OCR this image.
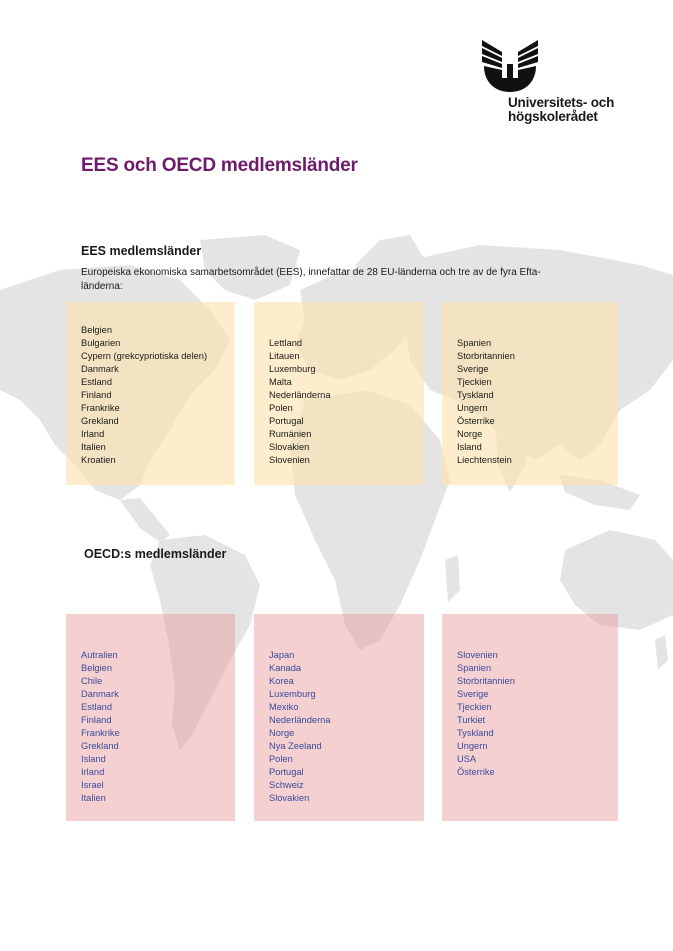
Universitets- och
högskolerådet
EES och OECD medlemsländer
EES medlemsländer

Europeiska ekonomiska samarbetsområdet (EES), innefattar de 28 EU-länderna och tre av de fyra Efta-länderna:

Belgien
Bulgarien
Cypern (grekcypriotiska delen)
Danmark
Estland
Finland
Frankrike
Grekland
Irland
Italien
Kroatien
Lettland
Litauen
Luxemburg
Malta
Nederländerna
Polen
Portugal
Rumänien
Slovakien
Slovenien
Spanien
Storbritannien
Sverige
Tjeckien
Tyskland
Ungern
Österrike
Norge
Island
Liechtenstein
OECD:s medlemsländer
Autralien
Belgien
Chile
Danmark
Estland
Finland
Frankrike
Grekland
Island
Irland
Israel
Italien
Japan
Kanada
Korea
Luxemburg
Mexiko
Nederländerna
Norge
Nya Zeeland
Polen
Portugal
Schweiz
Slovakien
Slovenien
Spanien
Storbritannien
Sverige
Tjeckien
Turkiet
Tyskland
Ungern
USA
Österrike
